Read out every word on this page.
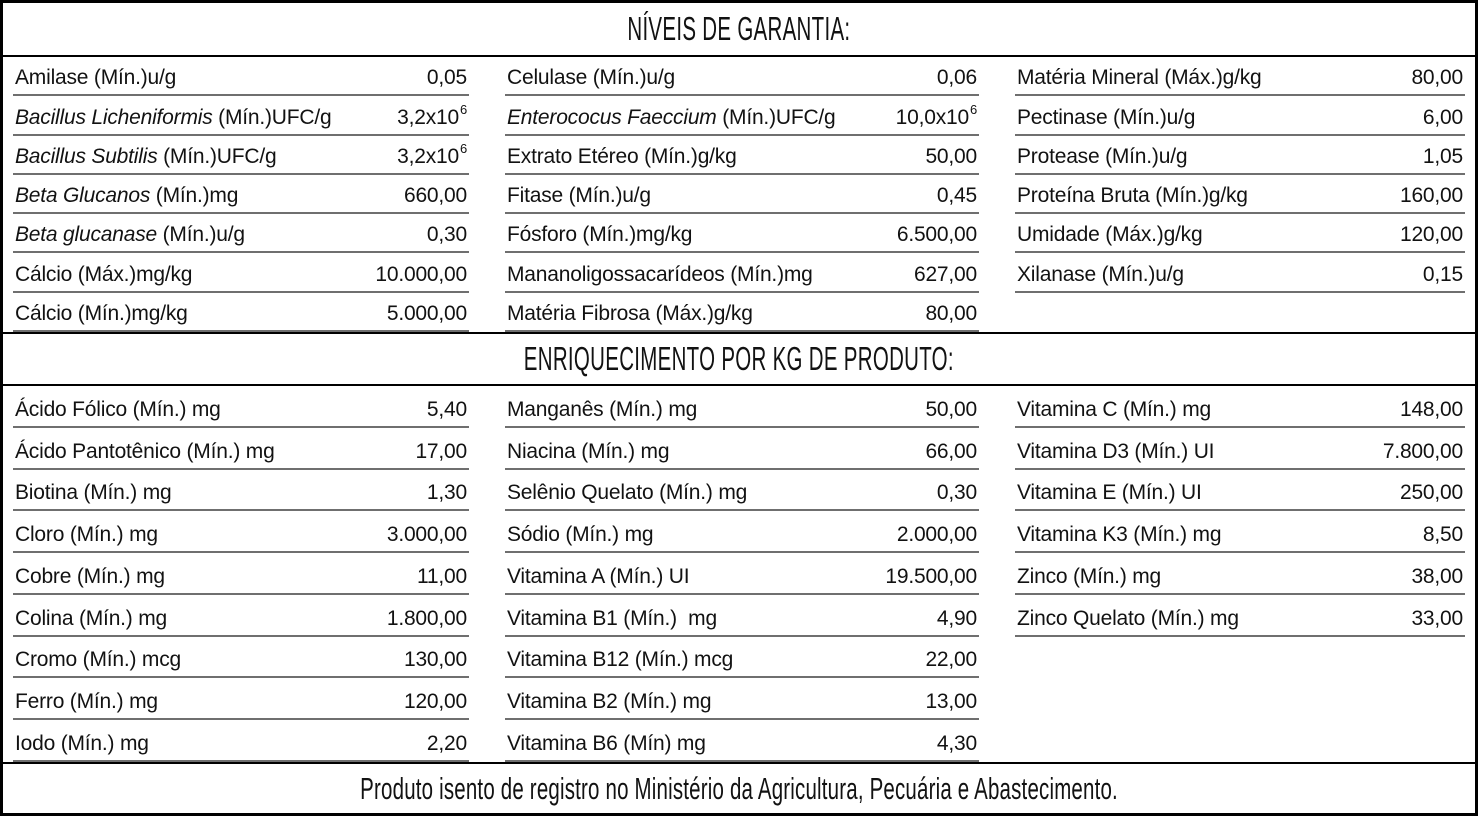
NÍVEIS DE GARANTIA:
Amilase (Mín.)u/g	0,05
Bacillus Licheniformis (Mín.)UFC/g	$3,2x10^6$
Bacillus Subtilis (Mín.)UFC/g	$3,2x10^6$
Beta Glucanos (Mín.)mg	660,00
Beta glucanase (Mín.)u/g	0,30
Cálcio (Máx.)mg/kg	10.000,00
Cálcio (Mín.)mg/kg	5.000,00
Celulase (Mín.)u/g	0,06
Enterococus Faeccium (Mín.)UFC/g	$10,0x10^6$
Extrato Etéreo (Mín.)g/kg	50,00
Fitase (Mín.)u/g	0,45
Fósforo (Mín.)mg/kg	6.500,00
Mananoligossacarídeos (Mín.)mg	627,00
Matéria Fibrosa (Máx.)g/kg	80,00
Matéria Mineral (Máx.)g/kg	80,00
Pectinase (Mín.)u/g	6,00
Protease (Mín.)u/g	1,05
Proteína Bruta (Mín.)g/kg	160,00
Umidade (Máx.)g/kg	120,00
Xilanase (Mín.)u/g	0,15
ENRIQUECIMENTO POR KG DE PRODUTO:
Ácido Fólico (Mín.) mg	5,40
Ácido Pantotênico (Mín.) mg	17,00
Biotina (Mín.) mg	1,30
Cloro (Mín.) mg	3.000,00
Cobre (Mín.) mg	11,00
Colina (Mín.) mg	1.800,00
Cromo (Mín.) mcg	130,00
Ferro (Mín.) mg	120,00
Iodo (Mín.) mg	2,20
Manganês (Mín.) mg	50,00
Niacina (Mín.) mg	66,00
Selênio Quelato (Mín.) mg	0,30
Sódio (Mín.) mg	2.000,00
Vitamina A (Mín.) UI	19.500,00
Vitamina B1 (Mín.)  mg	4,90
Vitamina B12 (Mín.) mcg	22,00
Vitamina B2 (Mín.) mg	13,00
Vitamina B6 (Mín) mg	4,30
Vitamina C (Mín.) mg	148,00
Vitamina D3 (Mín.) UI	7.800,00
Vitamina E (Mín.) UI	250,00
Vitamina K3 (Mín.) mg	8,50
Zinco (Mín.) mg	38,00
Zinco Quelato (Mín.) mg	33,00
Produto isento de registro no Ministério da Agricultura, Pecuária e Abastecimento.
